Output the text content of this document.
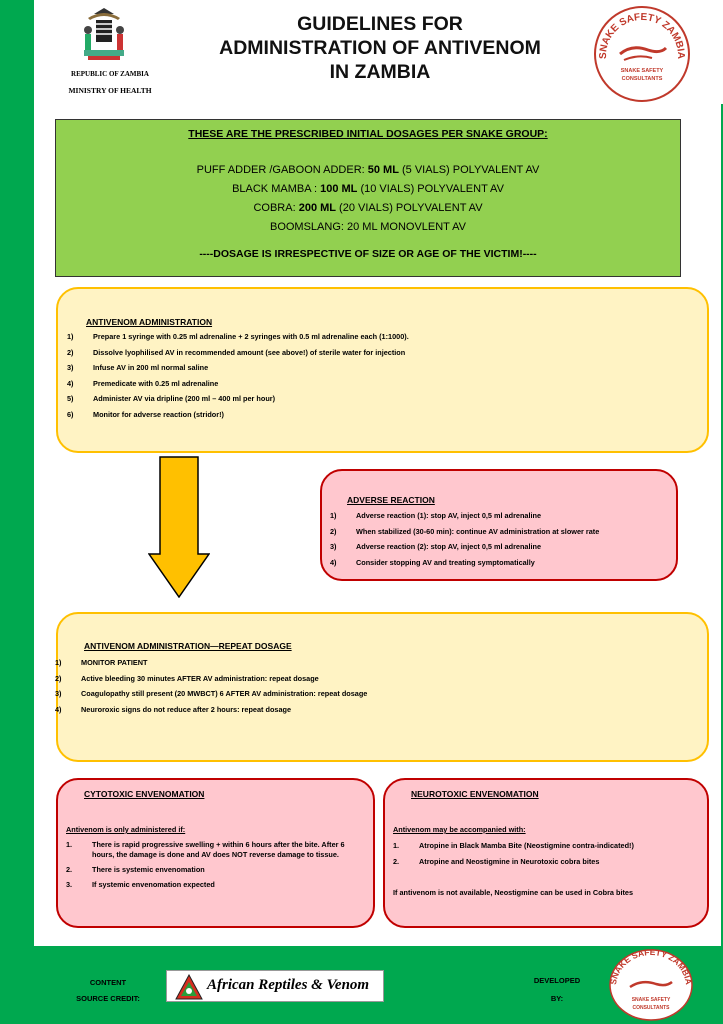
REPUBLIC OF ZAMBIA
MINISTRY OF HEALTH
GUIDELINES FOR
ADMINISTRATION OF ANTIVENOM
IN ZAMBIA
SNAKE SAFETY ZAMBIA
SNAKE SAFETY
CONSULTANTS
THESE ARE THE PRESCRIBED INITIAL DOSAGES PER SNAKE GROUP:
PUFF ADDER /GABOON ADDER: 50 ML (5 VIALS) POLYVALENT AV
BLACK MAMBA : 100 ML (10 VIALS) POLYVALENT AV
COBRA: 200 ML (20 VIALS) POLYVALENT AV
BOOMSLANG: 20 ML MONOVLENT AV
----DOSAGE IS IRRESPECTIVE OF SIZE OR AGE OF THE VICTIM!----
ANTIVENOM ADMINISTRATION
1)	Prepare 1 syringe with 0.25 ml adrenaline + 2 syringes with 0.5 ml adrenaline each (1:1000).
2)	Dissolve lyophilised AV in recommended amount (see above!) of sterile water for injection
3)	Infuse AV in 200 ml normal saline
4)	Premedicate with 0.25 ml adrenaline
5)	Administer AV via dripline (200 ml – 400 ml per hour)
6)	Monitor for adverse reaction (stridor!)
ADVERSE REACTION
1)	Adverse reaction (1): stop AV, inject 0,5 ml adrenaline
2)	When stabilized (30-60 min): continue AV administration at slower rate
3)	Adverse reaction (2): stop AV, inject 0,5 ml adrenaline
4)	Consider stopping AV and treating symptomatically
ANTIVENOM ADMINISTRATION—REPEAT DOSAGE
1)	MONITOR PATIENT
2)	Active bleeding 30 minutes AFTER AV administration: repeat dosage
3)	Coagulopathy still present (20 MWBCT) 6 AFTER AV administration: repeat dosage
4)	Neuroroxic signs do not reduce after 2 hours: repeat dosage
CYTOTOXIC ENVENOMATION
Antivenom is only administered if:
1.	There is rapid progressive swelling + within 6 hours after the bite. After 6 hours, the damage is done and AV does NOT reverse damage to tissue.
2.	There is systemic envenomation
3.	If systemic envenomation expected
NEUROTOXIC ENVENOMATION
Antivenom may be accompanied with:
1.	Atropine in Black Mamba Bite (Neostigmine contra-indicated!)
2.	Atropine and Neostigmine in Neurotoxic cobra bites
If antivenom is not available, Neostigmine can be used in Cobra bites
CONTENT
SOURCE CREDIT:
African Reptiles & Venom	DEVELOPED
BY:
SNAKE SAFETY ZAMBIA
SNAKE SAFETY
CONSULTANTS
